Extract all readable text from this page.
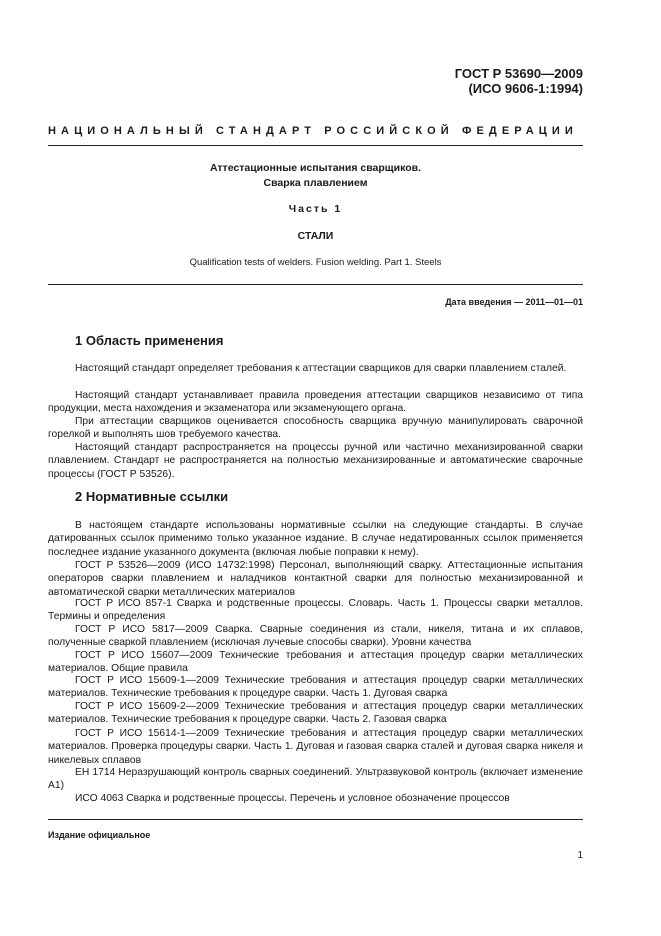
ГОСТ Р 53690—2009
(ИСО 9606-1:1994)
НАЦИОНАЛЬНЫЙ СТАНДАРТ РОССИЙСКОЙ ФЕДЕРАЦИИ
Аттестационные испытания сварщиков.
Сварка плавлением
Часть 1
СТАЛИ
Qualification tests of welders. Fusion welding. Part 1. Steels
Дата введения — 2011—01—01
1 Область применения
Настоящий стандарт определяет требования к аттестации сварщиков для сварки плавлением сталей.
Настоящий стандарт устанавливает правила проведения аттестации сварщиков независимо от типа продукции, места нахождения и экзаменатора или экзаменующего органа.
При аттестации сварщиков оценивается способность сварщика вручную манипулировать сварочной горелкой и выполнять шов требуемого качества.
Настоящий стандарт распространяется на процессы ручной или частично механизированной сварки плавлением. Стандарт не распространяется на полностью механизированные и автоматические сварочные процессы (ГОСТ Р 53526).
2 Нормативные ссылки
В настоящем стандарте использованы нормативные ссылки на следующие стандарты. В случае датированных ссылок применимо только указанное издание. В случае недатированных ссылок применяется последнее издание указанного документа (включая любые поправки к нему).
ГОСТ Р 53526—2009 (ИСО 14732:1998) Персонал, выполняющий сварку. Аттестационные испытания операторов сварки плавлением и наладчиков контактной сварки для полностью механизированной и автоматической сварки металлических материалов
ГОСТ Р ИСО 857-1 Сварка и родственные процессы. Словарь. Часть 1. Процессы сварки металлов. Термины и определения
ГОСТ Р ИСО 5817—2009 Сварка. Сварные соединения из стали, никеля, титана и их сплавов, полученные сваркой плавлением (исключая лучевые способы сварки). Уровни качества
ГОСТ Р ИСО 15607—2009 Технические требования и аттестация процедур сварки металлических материалов. Общие правила
ГОСТ Р ИСО 15609-1—2009 Технические требования и аттестация процедур сварки металлических материалов. Технические требования к процедуре сварки. Часть 1. Дуговая сварка
ГОСТ Р ИСО 15609-2—2009 Технические требования и аттестация процедур сварки металлических материалов. Технические требования к процедуре сварки. Часть 2. Газовая сварка
ГОСТ Р ИСО 15614-1—2009 Технические требования и аттестация процедур сварки металлических материалов. Проверка процедуры сварки. Часть 1. Дуговая и газовая сварка сталей и дуговая сварка никеля и никелевых сплавов
ЕН 1714 Неразрушающий контроль сварных соединений. Ультразвуковой контроль (включает изменение А1)
ИСО 4063 Сварка и родственные процессы. Перечень и условное обозначение процессов
Издание официальное
1
